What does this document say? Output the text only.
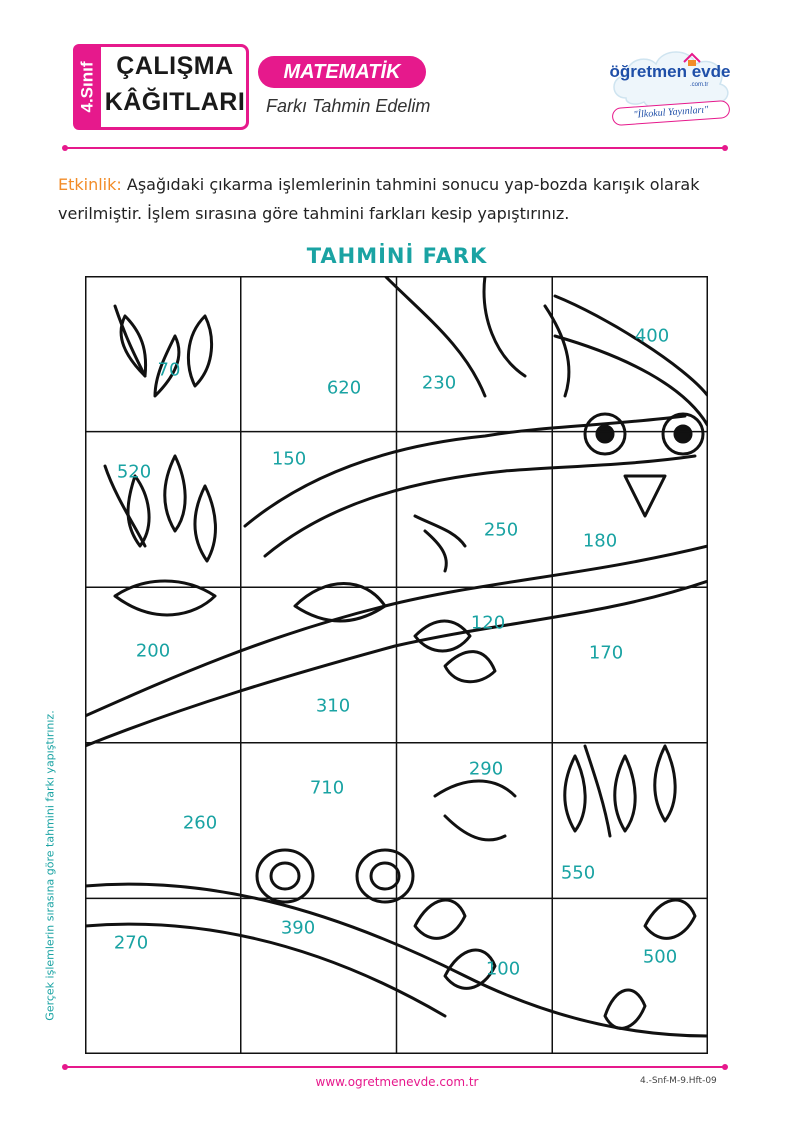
4.Sınıf ÇALIŞMA
KÂĞITLARI
MATEMATİK
Farkı Tahmin Edelim
öğretmen evde
.com.tr
"İlkokul Yayınları"
Etkinlik: Aşağıdaki çıkarma işlemlerinin tahmini sonucu yap-bozda karışık olarak verilmiştir. İşlem sırasına göre tahmini farkları kesip yapıştırınız.
TAHMİNİ FARK
70
620	230
400
520
150
250
180
200
310
120
170
260
710
290
550
270
390
100
500
Gerçek işlemlerin sırasına göre tahmini farkı yapıştırınız.
www.ogretmenevde.com.tr	4.-Snf-M-9.Hft-09
